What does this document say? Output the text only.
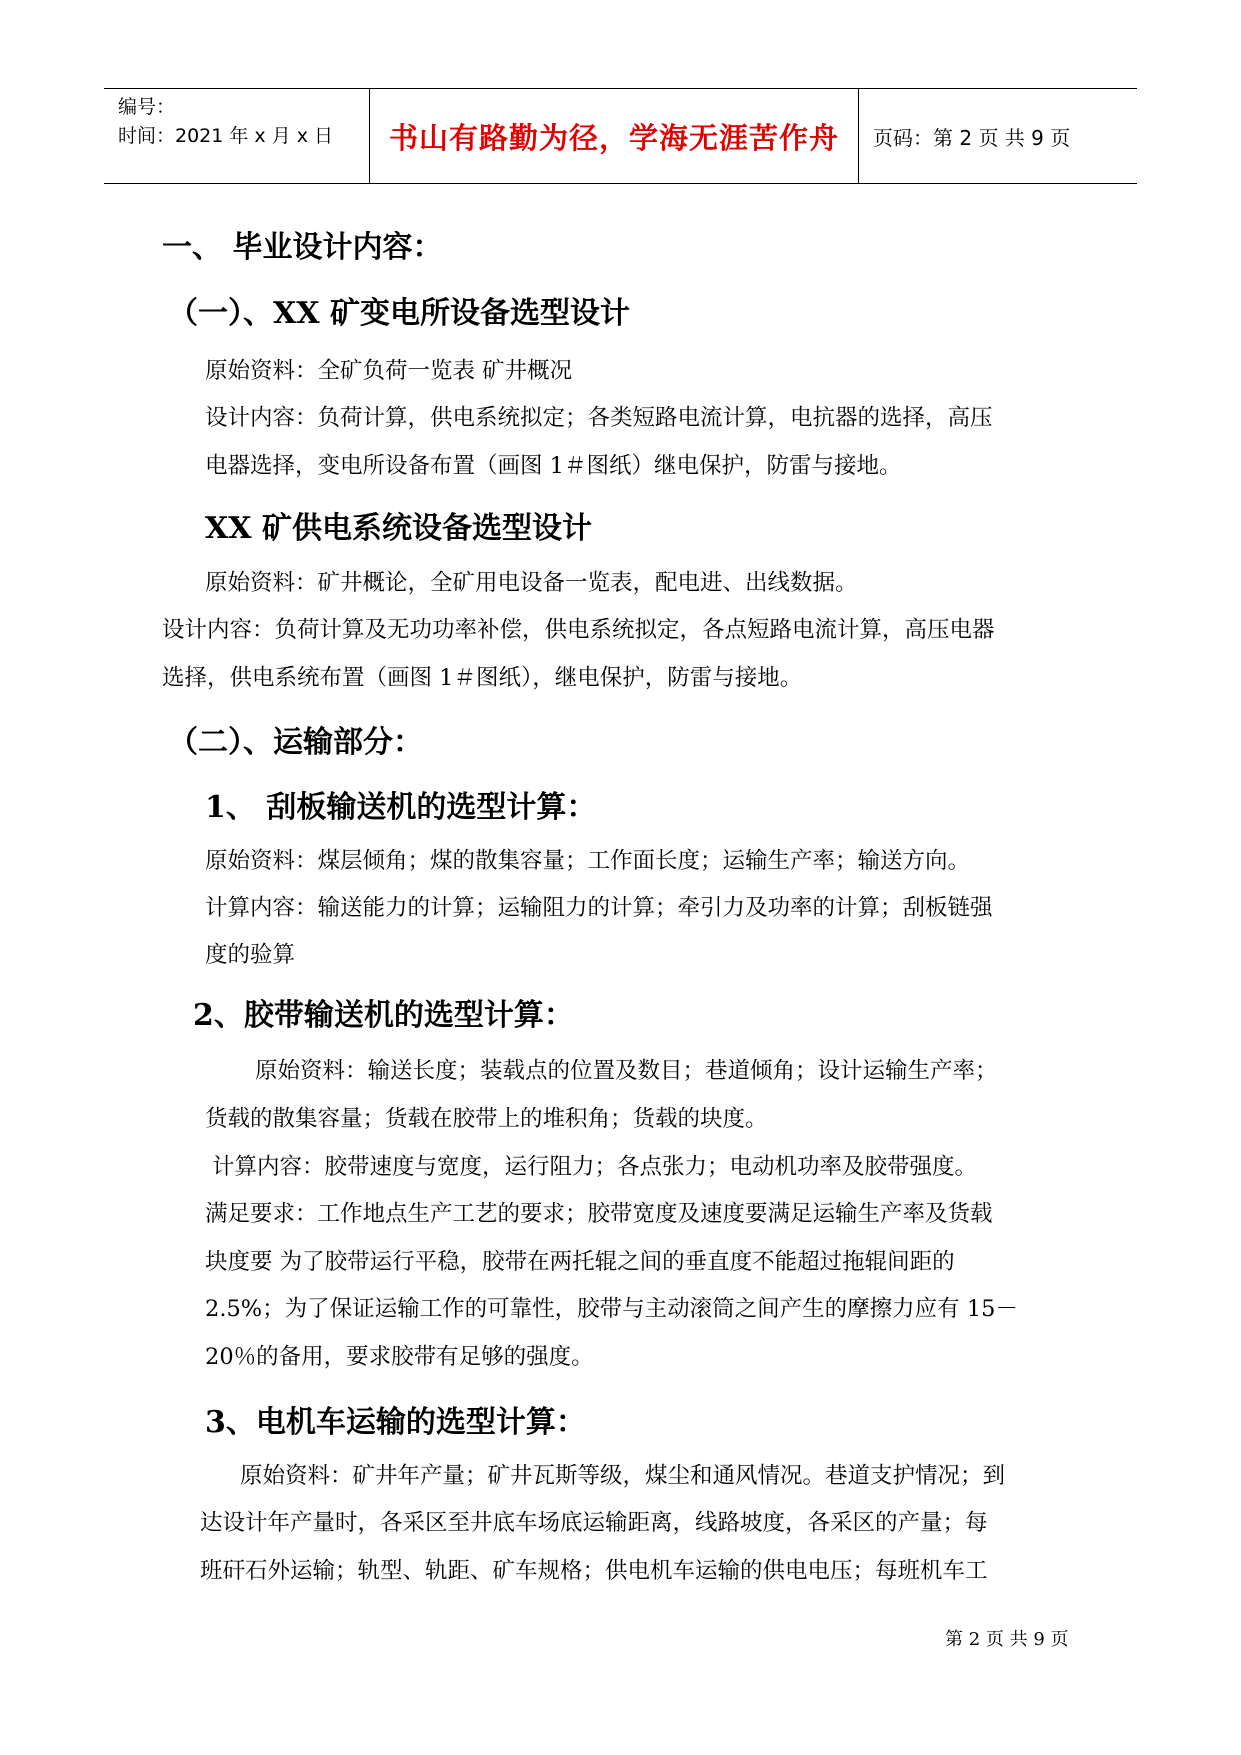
编号：
时间：2021 年 x 月 x 日	书山有路勤为径，学海无涯苦作舟	页码：第 2 页 共 9 页
一、 毕业设计内容：
（一）、XX 矿变电所设备选型设计
原始资料：全矿负荷一览表 矿井概况
设计内容：负荷计算，供电系统拟定；各类短路电流计算，电抗器的选择，高压
电器选择，变电所设备布置（画图 1＃图纸）继电保护，防雷与接地。
XX 矿供电系统设备选型设计
原始资料：矿井概论，全矿用电设备一览表，配电进、出线数据。
设计内容：负荷计算及无功功率补偿，供电系统拟定，各点短路电流计算，高压电器
选择，供电系统布置（画图 1＃图纸），继电保护，防雷与接地。
（二）、运输部分：
1、 刮板输送机的选型计算：
原始资料：煤层倾角；煤的散集容量；工作面长度；运输生产率；输送方向。
计算内容：输送能力的计算；运输阻力的计算；牵引力及功率的计算；刮板链强
度的验算
2、胶带输送机的选型计算：
原始资料：输送长度；装载点的位置及数目；巷道倾角；设计运输生产率；
货载的散集容量；货载在胶带上的堆积角；货载的块度。
计算内容：胶带速度与宽度，运行阻力；各点张力；电动机功率及胶带强度。
满足要求：工作地点生产工艺的要求；胶带宽度及速度要满足运输生产率及货载
块度要 为了胶带运行平稳，胶带在两托辊之间的垂直度不能超过拖辊间距的
2.5%；为了保证运输工作的可靠性，胶带与主动滚筒之间产生的摩擦力应有 15－
20％的备用，要求胶带有足够的强度。
3、电机车运输的选型计算：
原始资料：矿井年产量；矿井瓦斯等级，煤尘和通风情况。巷道支护情况；到
达设计年产量时，各采区至井底车场底运输距离，线路坡度，各采区的产量；每
班矸石外运输；轨型、轨距、矿车规格；供电机车运输的供电电压；每班机车工
第 2 页 共 9 页
